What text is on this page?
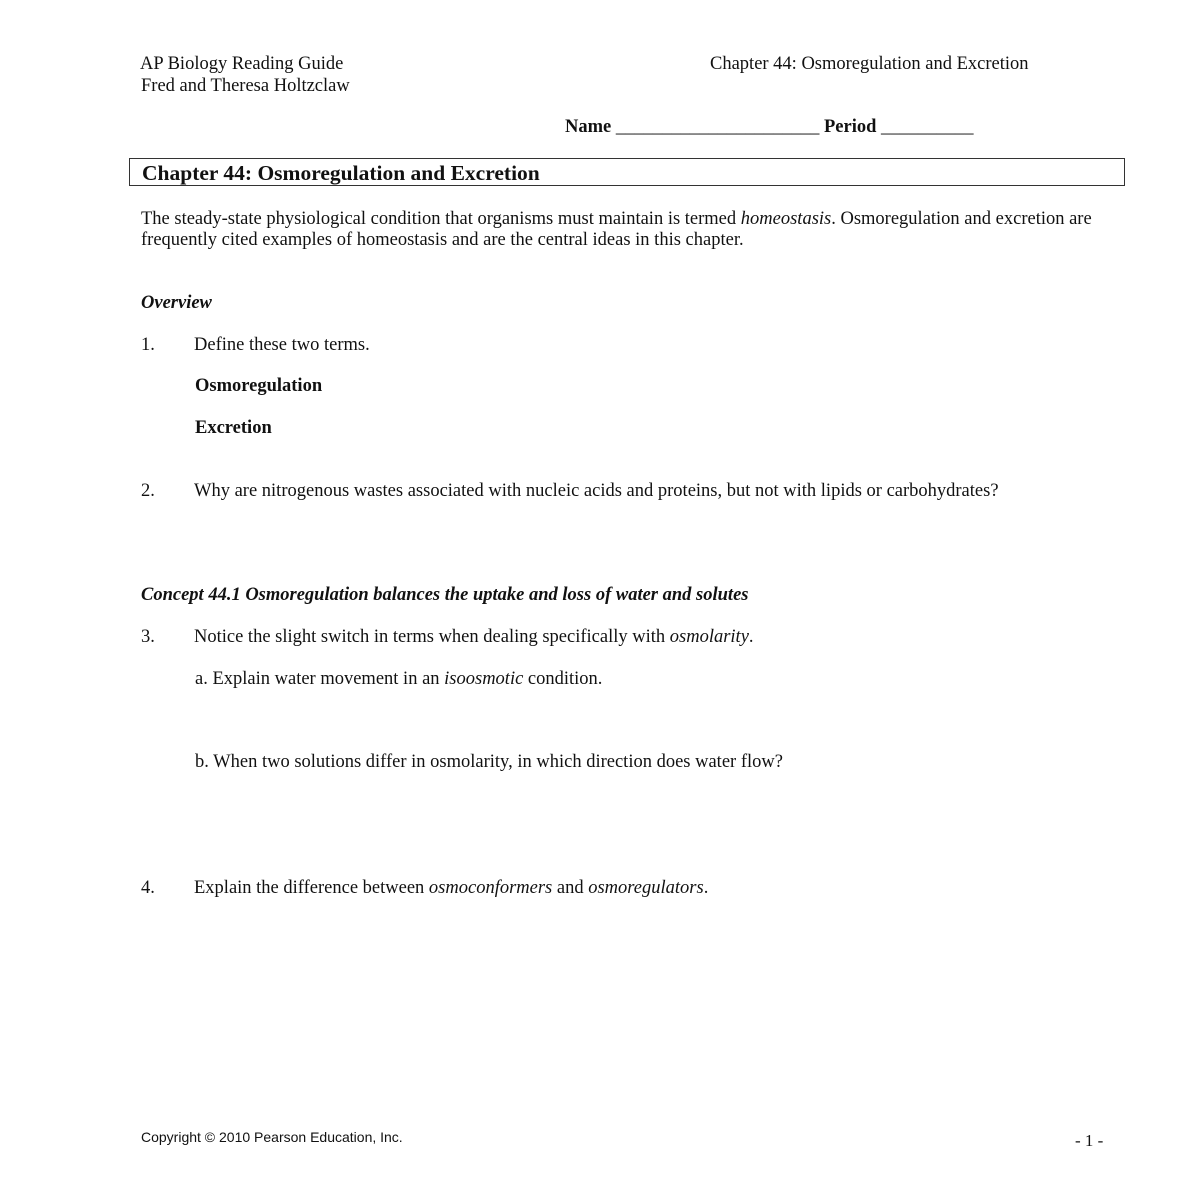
AP Biology Reading Guide
Fred and Theresa Holtzclaw
Chapter 44: Osmoregulation and Excretion
Name ______________________ Period __________
Chapter 44: Osmoregulation and Excretion
The steady-state physiological condition that organisms must maintain is termed homeostasis. Osmoregulation and excretion are frequently cited examples of homeostasis and are the central ideas in this chapter.
Overview
1. Define these two terms.
Osmoregulation
Excretion
2. Why are nitrogenous wastes associated with nucleic acids and proteins, but not with lipids or carbohydrates?
Concept 44.1 Osmoregulation balances the uptake and loss of water and solutes
3. Notice the slight switch in terms when dealing specifically with osmolarity.
a. Explain water movement in an isoosmotic condition.
b. When two solutions differ in osmolarity, in which direction does water flow?
4. Explain the difference between osmoconformers and osmoregulators.
Copyright © 2010 Pearson Education, Inc.	- 1 -
